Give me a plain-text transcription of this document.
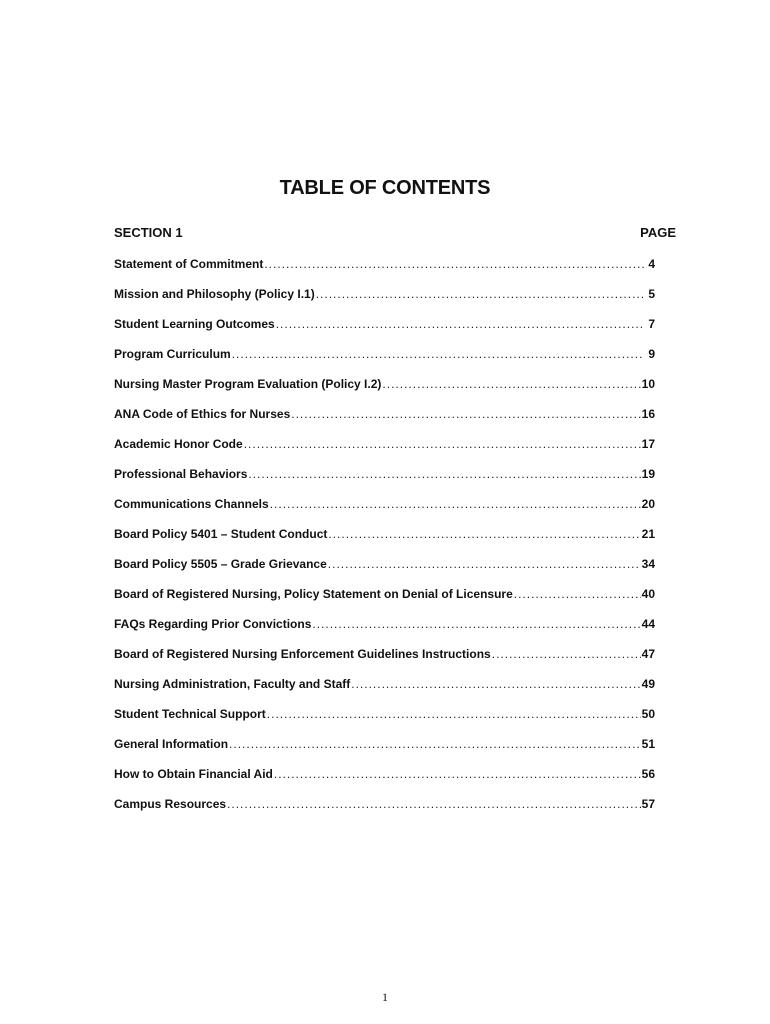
TABLE OF CONTENTS
SECTION 1	PAGE
Statement of Commitment .....	4
Mission and Philosophy (Policy I.1) .....	5
Student Learning Outcomes .....	7
Program Curriculum .....	9
Nursing Master Program Evaluation (Policy I.2) .....	10
ANA Code of Ethics for Nurses .....	16
Academic Honor Code .....	17
Professional Behaviors .....	19
Communications Channels .....	20
Board Policy 5401 – Student Conduct .....	21
Board Policy 5505 – Grade Grievance .....	34
Board of Registered Nursing, Policy Statement on Denial of Licensure .....	40
FAQs Regarding Prior Convictions .....	44
Board of Registered Nursing Enforcement Guidelines Instructions .....	47
Nursing Administration, Faculty and Staff .....	49
Student Technical Support .....	50
General Information .....	51
How to Obtain Financial Aid .....	56
Campus Resources .....	57
1
